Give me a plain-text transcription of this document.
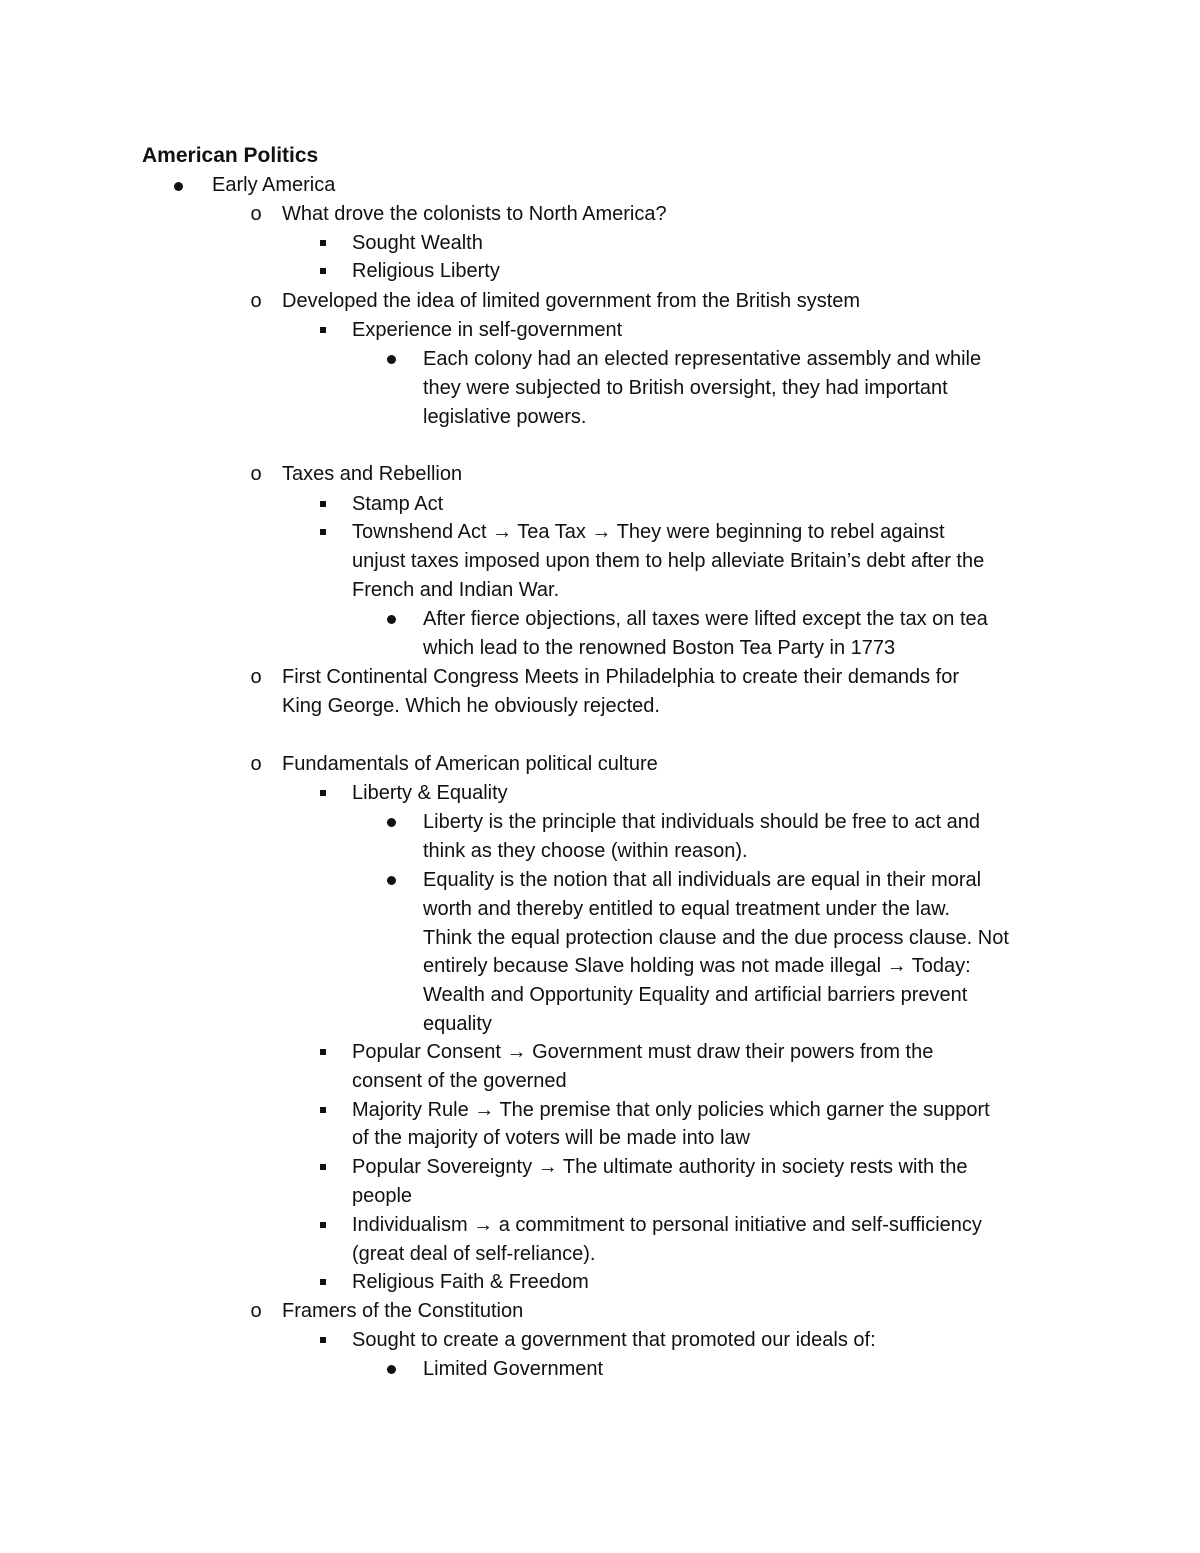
American Politics
Early America
o What drove the colonists to North America?
Sought Wealth
Religious Liberty
o Developed the idea of limited government from the British system
Experience in self-government
Each colony had an elected representative assembly and while
they were subjected to British oversight, they had important
legislative powers.
o Taxes and Rebellion
Stamp Act
Townshend Act → Tea Tax → They were beginning to rebel against
unjust taxes imposed upon them to help alleviate Britain’s debt after the
French and Indian War.
After fierce objections, all taxes were lifted except the tax on tea
which lead to the renowned Boston Tea Party in 1773
o First Continental Congress Meets in Philadelphia to create their demands for
King George. Which he obviously rejected.
o Fundamentals of American political culture
Liberty & Equality
Liberty is the principle that individuals should be free to act and
think as they choose (within reason).
Equality is the notion that all individuals are equal in their moral
worth and thereby entitled to equal treatment under the law.
Think the equal protection clause and the due process clause. Not
entirely because Slave holding was not made illegal → Today:
Wealth and Opportunity Equality and artificial barriers prevent
equality
Popular Consent → Government must draw their powers from the
consent of the governed
Majority Rule → The premise that only policies which garner the support
of the majority of voters will be made into law
Popular Sovereignty → The ultimate authority in society rests with the
people
Individualism → a commitment to personal initiative and self-sufficiency
(great deal of self-reliance).
Religious Faith & Freedom
o Framers of the Constitution
Sought to create a government that promoted our ideals of:
Limited Government
